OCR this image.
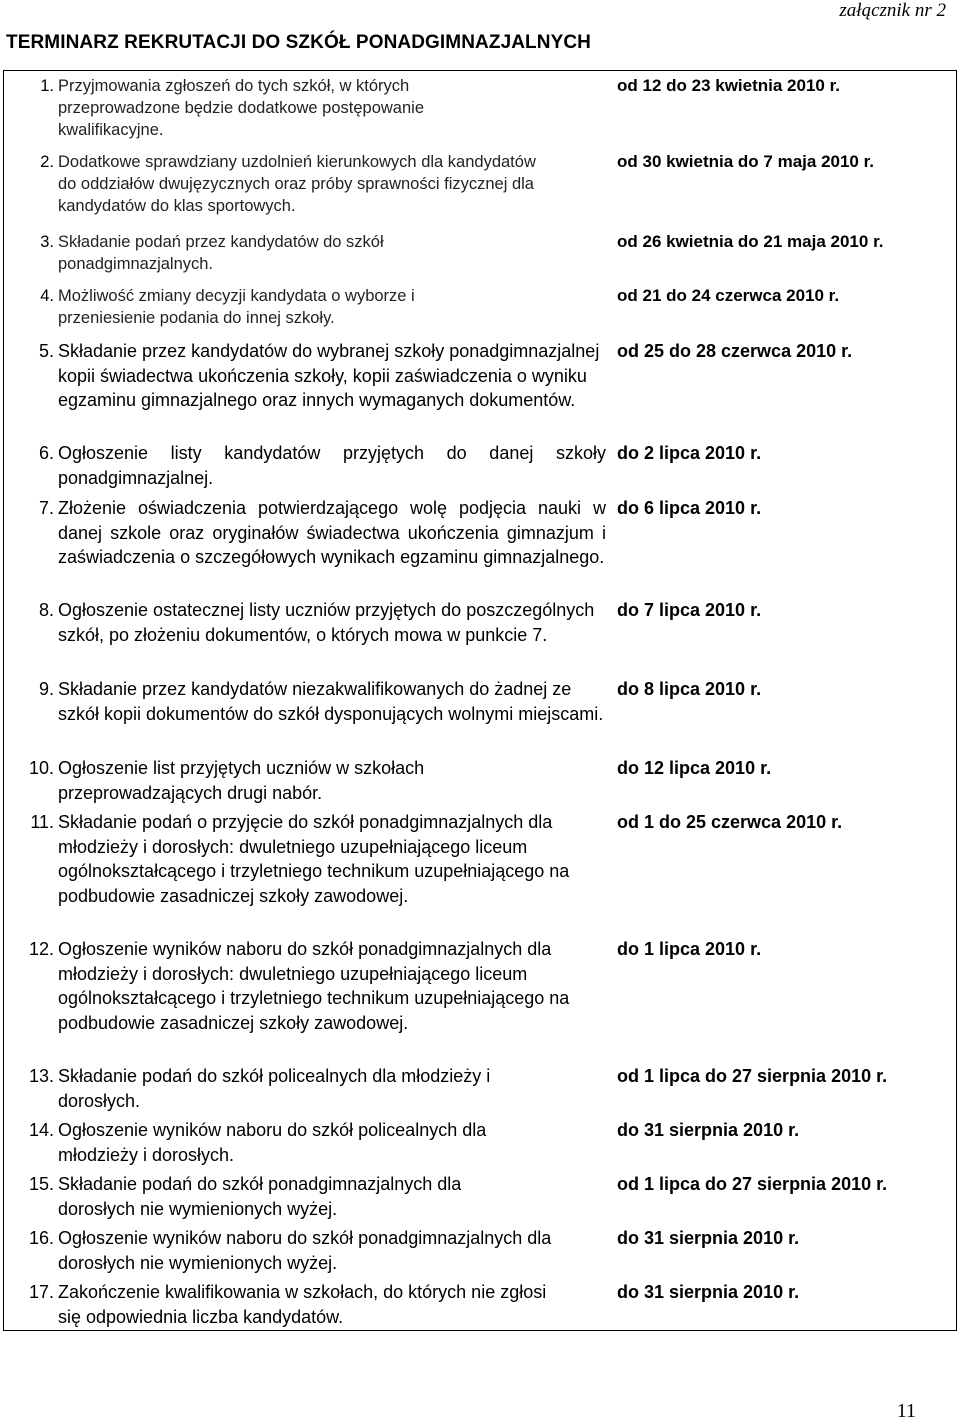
załącznik nr 2
TERMINARZ REKRUTACJI DO SZKÓŁ PONADGIMNAZJALNYCH
1. Przyjmowania zgłoszeń do tych szkół, w których przeprowadzone będzie dodatkowe postępowanie kwalifikacyjne.
od 12 do 23 kwietnia 2010 r.
2. Dodatkowe sprawdziany uzdolnień kierunkowych dla kandydatów do oddziałów dwujęzycznych oraz próby sprawności fizycznej dla kandydatów do klas sportowych.
od 30 kwietnia do 7 maja 2010 r.
3. Składanie podań przez kandydatów do szkół ponadgimnazjalnych.
od 26 kwietnia do 21 maja 2010 r.
4. Możliwość zmiany decyzji kandydata o wyborze i przeniesienie podania do innej szkoły.
od 21 do 24 czerwca 2010 r.
5. Składanie przez kandydatów do wybranej szkoły ponadgimnazjalnej kopii świadectwa ukończenia szkoły, kopii zaświadczenia o wyniku egzaminu gimnazjalnego oraz innych wymaganych dokumentów.
od 25 do 28 czerwca 2010 r.
6. Ogłoszenie listy kandydatów przyjętych do danej szkoły ponadgimnazjalnej.
do 2 lipca 2010 r.
7. Złożenie oświadczenia potwierdzającego wolę podjęcia nauki w danej szkole oraz oryginałów świadectwa ukończenia gimnazjum i zaświadczenia o szczegółowych wynikach egzaminu gimnazjalnego.
do 6 lipca 2010 r.
8. Ogłoszenie ostatecznej listy uczniów przyjętych do poszczególnych szkół, po złożeniu dokumentów, o których mowa w punkcie 7.
do 7 lipca 2010 r.
9. Składanie przez kandydatów niezakwalifikowanych do żadnej ze szkół kopii dokumentów do szkół dysponujących wolnymi miejscami.
do 8 lipca 2010 r.
10. Ogłoszenie list przyjętych uczniów w szkołach przeprowadzających drugi nabór.
do 12 lipca 2010 r.
11. Składanie podań o przyjęcie do szkół ponadgimnazjalnych dla młodzieży i dorosłych: dwuletniego uzupełniającego liceum ogólnokształcącego i trzyletniego technikum uzupełniającego na podbudowie zasadniczej szkoły zawodowej.
od 1 do 25 czerwca 2010 r.
12. Ogłoszenie wyników naboru do szkół ponadgimnazjalnych dla młodzieży i dorosłych: dwuletniego uzupełniającego liceum ogólnokształcącego i trzyletniego technikum uzupełniającego na podbudowie zasadniczej szkoły zawodowej.
do 1 lipca 2010 r.
13. Składanie podań do szkół policealnych dla młodzieży i dorosłych.
od 1 lipca do 27 sierpnia 2010 r.
14. Ogłoszenie wyników naboru do szkół policealnych dla młodzieży i dorosłych.
do 31 sierpnia 2010 r.
15. Składanie podań do szkół ponadgimnazjalnych dla dorosłych nie wymienionych wyżej.
od 1 lipca do 27 sierpnia 2010 r.
16. Ogłoszenie wyników naboru do szkół ponadgimnazjalnych dla dorosłych nie wymienionych wyżej.
do 31 sierpnia 2010 r.
17. Zakończenie kwalifikowania w szkołach, do których nie zgłosi się odpowiednia liczba kandydatów.
do 31 sierpnia 2010 r.
11
